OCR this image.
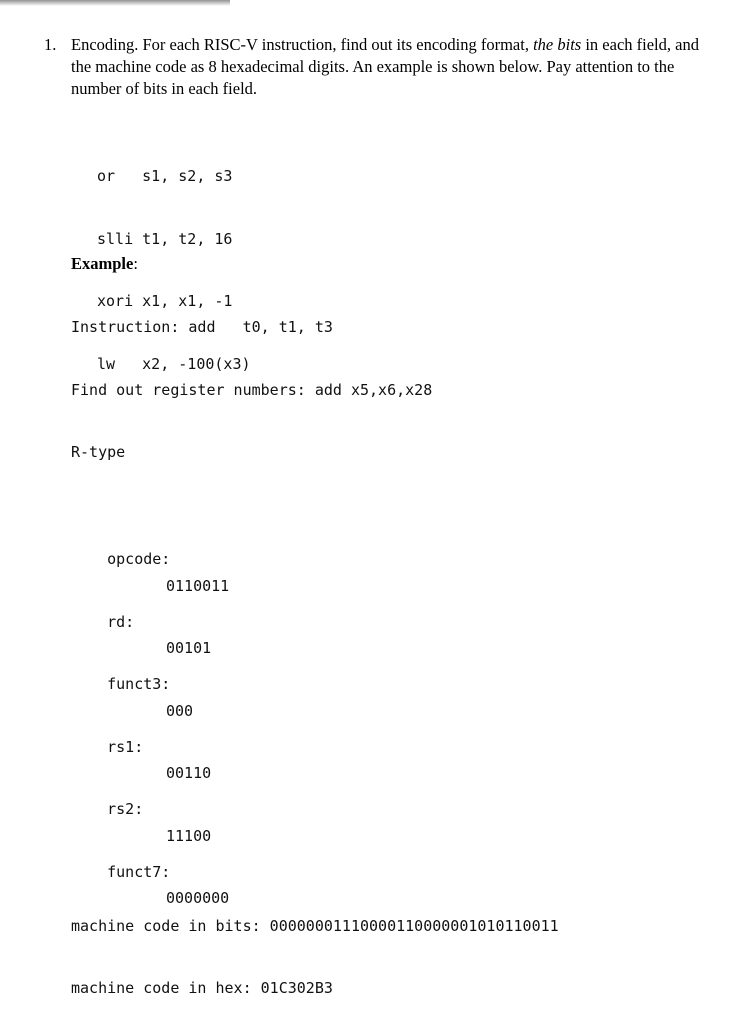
1. Encoding. For each RISC-V instruction, find out its encoding format, the bits in each field, and the machine code as 8 hexadecimal digits. An example is shown below. Pay attention to the number of bits in each field.

or   s1, s2, s3

slli t1, t2, 16

xori x1, x1, -1

lw   x2, -100(x3)

Example:

Instruction: add   t0, t1, t3

Find out register numbers: add x5,x6,x28

R-type

opcode:

0110011

rd:

00101

funct3:

000

rs1:

00110

rs2:

11100

funct7:

0000000

machine code in bits: 00000001110000110000001010110011

machine code in hex: 01C302B3
